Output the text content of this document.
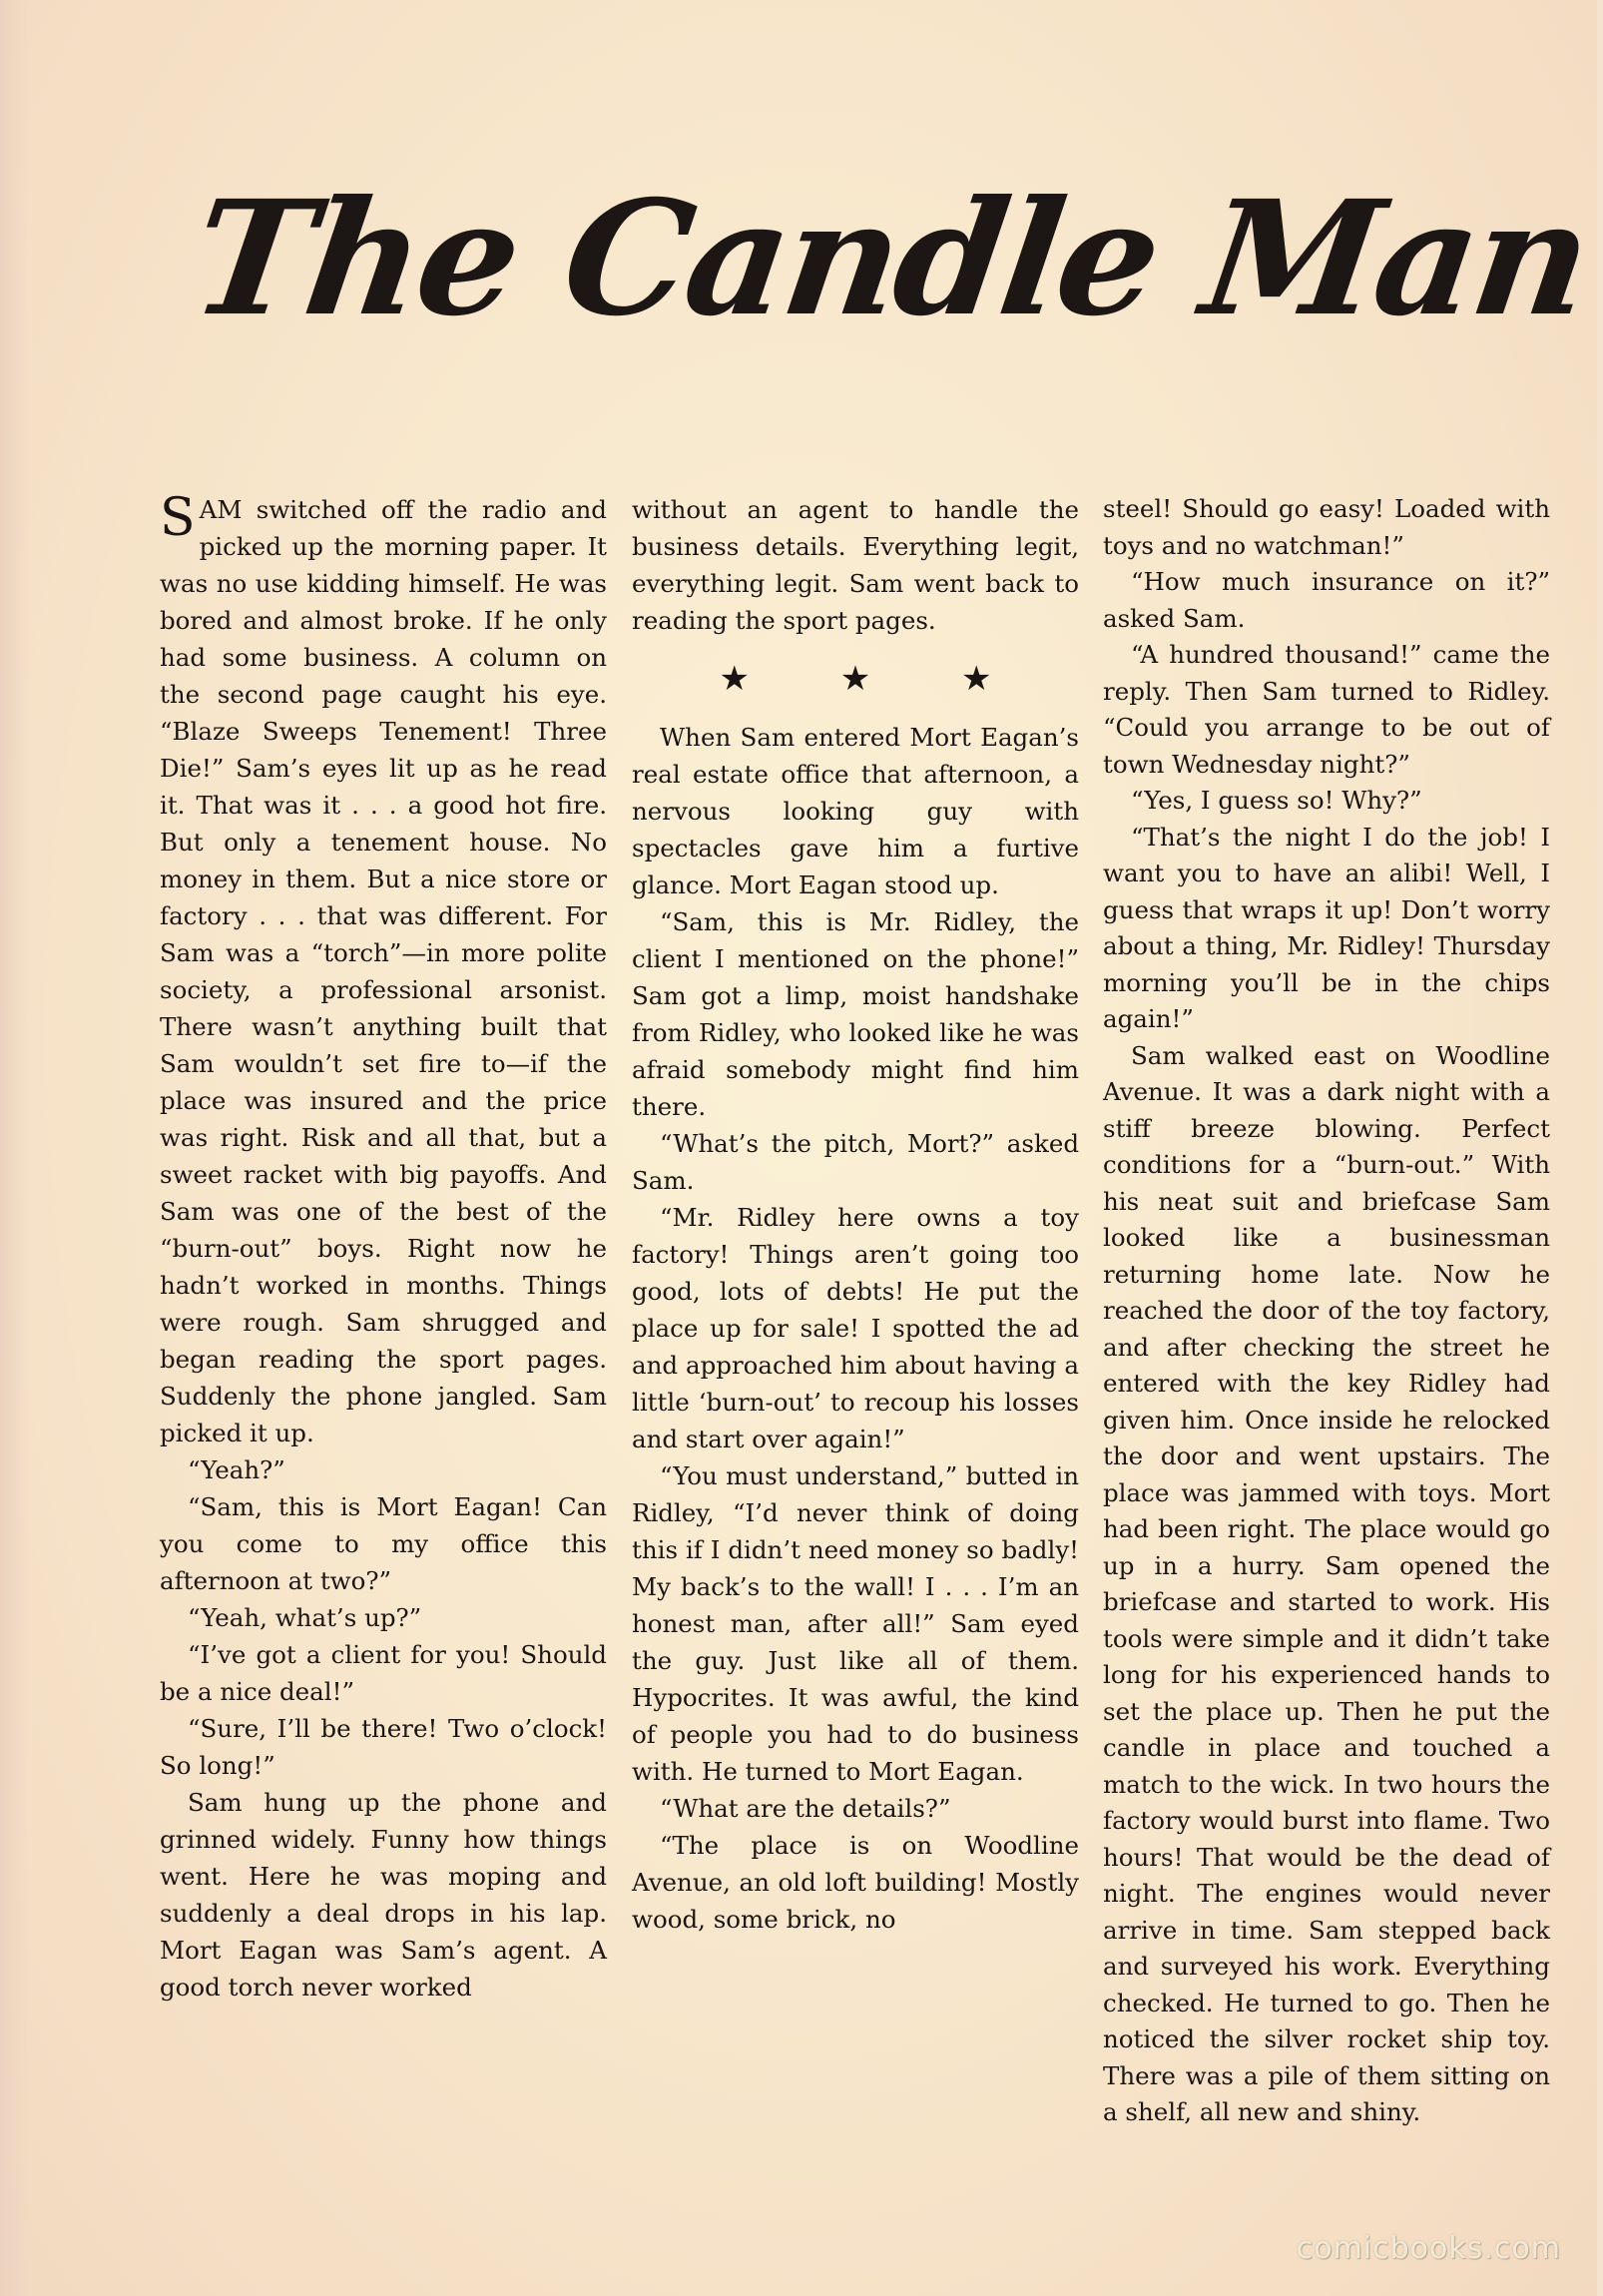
The Candle Man

SAM switched off the radio and picked up the morning paper. It was no use kidding himself. He was bored and almost broke. If he only had some business. A column on the second page caught his eye. “Blaze Sweeps Tenement! Three Die!” Sam’s eyes lit up as he read it. That was it . . . a good hot fire. But only a tenement house. No money in them. But a nice store or factory . . . that was different. For Sam was a “torch”—in more polite society, a professional arsonist. There wasn’t anything built that Sam wouldn’t set fire to—if the place was insured and the price was right. Risk and all that, but a sweet racket with big payoffs. And Sam was one of the best of the “burn-out” boys. Right now he hadn’t worked in months. Things were rough. Sam shrugged and began reading the sport pages. Suddenly the phone jangled. Sam picked it up.

“Yeah?”

“Sam, this is Mort Eagan! Can you come to my office this afternoon at two?”

“Yeah, what’s up?”

“I’ve got a client for you! Should be a nice deal!”

“Sure, I’ll be there! Two o’clock! So long!”

Sam hung up the phone and grinned widely. Funny how things went. Here he was moping and suddenly a deal drops in his lap. Mort Eagan was Sam’s agent. A good torch never worked

without an agent to handle the business details. Everything legit, everything legit. Sam went back to reading the sport pages.

★ ★ ★

When Sam entered Mort Eagan’s real estate office that afternoon, a nervous looking guy with spectacles gave him a furtive glance. Mort Eagan stood up.

“Sam, this is Mr. Ridley, the client I mentioned on the phone!” Sam got a limp, moist handshake from Ridley, who looked like he was afraid somebody might find him there.

“What’s the pitch, Mort?” asked Sam.

“Mr. Ridley here owns a toy factory! Things aren’t going too good, lots of debts! He put the place up for sale! I spotted the ad and approached him about having a little ‘burn-out’ to recoup his losses and start over again!”

“You must understand,” butted in Ridley, “I’d never think of doing this if I didn’t need money so badly! My back’s to the wall! I . . . I’m an honest man, after all!” Sam eyed the guy. Just like all of them. Hypocrites. It was awful, the kind of people you had to do business with. He turned to Mort Eagan.

“What are the details?”

“The place is on Woodline Avenue, an old loft building! Mostly wood, some brick, no

steel! Should go easy! Loaded with toys and no watchman!”

“How much insurance on it?” asked Sam.

“A hundred thousand!” came the reply. Then Sam turned to Ridley. “Could you arrange to be out of town Wednesday night?”

“Yes, I guess so! Why?”

“That’s the night I do the job! I want you to have an alibi! Well, I guess that wraps it up! Don’t worry about a thing, Mr. Ridley! Thursday morning you’ll be in the chips again!”

Sam walked east on Woodline Avenue. It was a dark night with a stiff breeze blowing. Perfect conditions for a “burn-out.” With his neat suit and briefcase Sam looked like a businessman returning home late. Now he reached the door of the toy factory, and after checking the street he entered with the key Ridley had given him. Once inside he relocked the door and went upstairs. The place was jammed with toys. Mort had been right. The place would go up in a hurry. Sam opened the briefcase and started to work. His tools were simple and it didn’t take long for his experienced hands to set the place up. Then he put the candle in place and touched a match to the wick. In two hours the factory would burst into flame. Two hours! That would be the dead of night. The engines would never arrive in time. Sam stepped back and surveyed his work. Everything checked. He turned to go. Then he noticed the silver rocket ship toy. There was a pile of them sitting on a shelf, all new and shiny.

comicbooks.com
